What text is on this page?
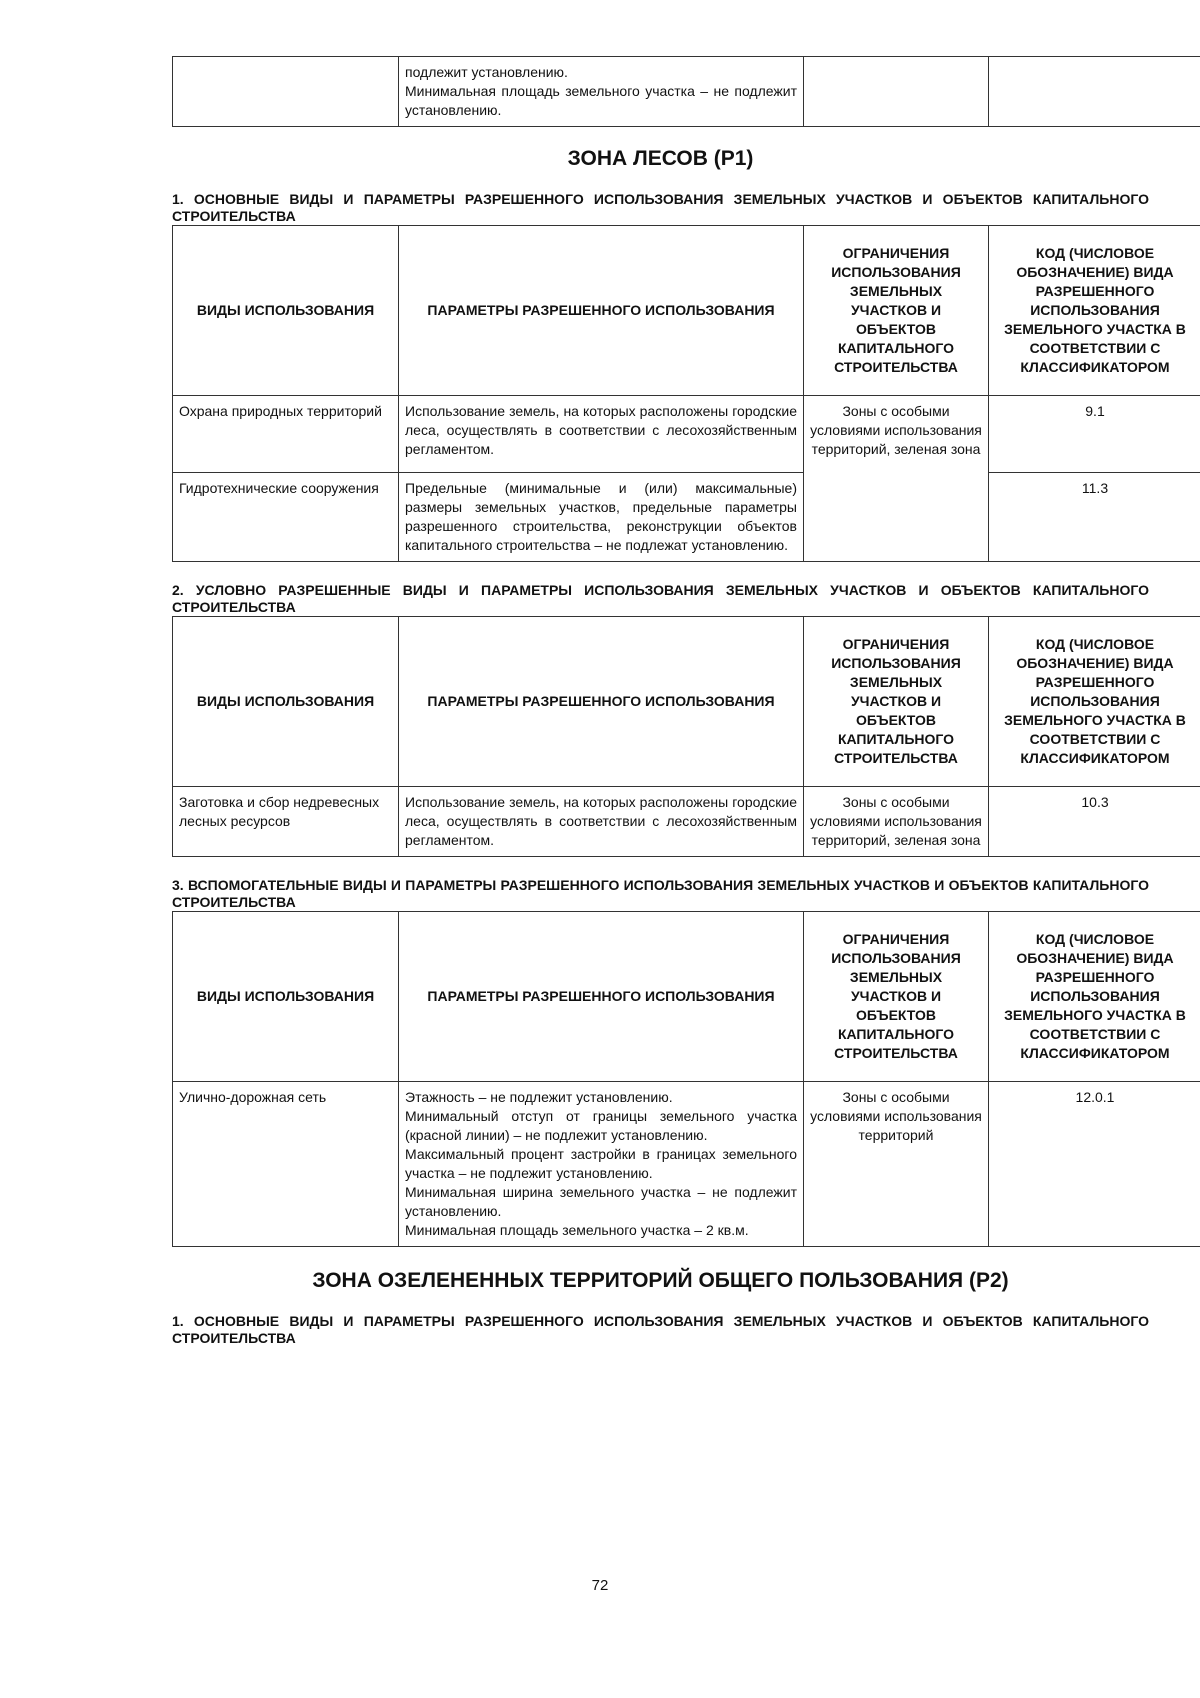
подлежит установлению.
Минимальная площадь земельного участка – не подлежит установлению.

ЗОНА ЛЕСОВ (Р1)

1. ОСНОВНЫЕ ВИДЫ И ПАРАМЕТРЫ РАЗРЕШЕННОГО ИСПОЛЬЗОВАНИЯ ЗЕМЕЛЬНЫХ УЧАСТКОВ И ОБЪЕКТОВ КАПИТАЛЬНОГО СТРОИТЕЛЬСТВА

ВИДЫ ИСПОЛЬЗОВАНИЯ	ПАРАМЕТРЫ РАЗРЕШЕННОГО ИСПОЛЬЗОВАНИЯ	ОГРАНИЧЕНИЯ ИСПОЛЬЗОВАНИЯ ЗЕМЕЛЬНЫХ УЧАСТКОВ И ОБЪЕКТОВ КАПИТАЛЬНОГО СТРОИТЕЛЬСТВА	КОД (ЧИСЛОВОЕ ОБОЗНАЧЕНИЕ) ВИДА РАЗРЕШЕННОГО ИСПОЛЬЗОВАНИЯ ЗЕМЕЛЬНОГО УЧАСТКА В СООТВЕТСТВИИ С КЛАССИФИКАТОРОМ
Охрана природных территорий	Использование земель, на которых расположены городские леса, осуществлять в соответствии с лесохозяйственным регламентом.	Зоны с особыми условиями использования территорий, зеленая зона	9.1
Гидротехнические сооружения	Предельные (минимальные и (или) максимальные) размеры земельных участков, предельные параметры разрешенного строительства, реконструкции объектов капитального строительства – не подлежат установлению.		11.3

2. УСЛОВНО РАЗРЕШЕННЫЕ ВИДЫ И ПАРАМЕТРЫ ИСПОЛЬЗОВАНИЯ ЗЕМЕЛЬНЫХ УЧАСТКОВ И ОБЪЕКТОВ КАПИТАЛЬНОГО СТРОИТЕЛЬСТВА

ВИДЫ ИСПОЛЬЗОВАНИЯ	ПАРАМЕТРЫ РАЗРЕШЕННОГО ИСПОЛЬЗОВАНИЯ	ОГРАНИЧЕНИЯ ИСПОЛЬЗОВАНИЯ ЗЕМЕЛЬНЫХ УЧАСТКОВ И ОБЪЕКТОВ КАПИТАЛЬНОГО СТРОИТЕЛЬСТВА	КОД (ЧИСЛОВОЕ ОБОЗНАЧЕНИЕ) ВИДА РАЗРЕШЕННОГО ИСПОЛЬЗОВАНИЯ ЗЕМЕЛЬНОГО УЧАСТКА В СООТВЕТСТВИИ С КЛАССИФИКАТОРОМ
Заготовка и сбор недревесных лесных ресурсов	Использование земель, на которых расположены городские леса, осуществлять в соответствии с лесохозяйственным регламентом.	Зоны с особыми условиями использования территорий, зеленая зона	10.3

3. ВСПОМОГАТЕЛЬНЫЕ ВИДЫ И ПАРАМЕТРЫ РАЗРЕШЕННОГО ИСПОЛЬЗОВАНИЯ ЗЕМЕЛЬНЫХ УЧАСТКОВ И ОБЪЕКТОВ КАПИТАЛЬНОГО СТРОИТЕЛЬСТВА

ВИДЫ ИСПОЛЬЗОВАНИЯ	ПАРАМЕТРЫ РАЗРЕШЕННОГО ИСПОЛЬЗОВАНИЯ	ОГРАНИЧЕНИЯ ИСПОЛЬЗОВАНИЯ ЗЕМЕЛЬНЫХ УЧАСТКОВ И ОБЪЕКТОВ КАПИТАЛЬНОГО СТРОИТЕЛЬСТВА	КОД (ЧИСЛОВОЕ ОБОЗНАЧЕНИЕ) ВИДА РАЗРЕШЕННОГО ИСПОЛЬЗОВАНИЯ ЗЕМЕЛЬНОГО УЧАСТКА В СООТВЕТСТВИИ С КЛАССИФИКАТОРОМ
Улично-дорожная сеть	Этажность – не подлежит установлению.
Минимальный отступ от границы земельного участка (красной линии) – не подлежит установлению.
Максимальный процент застройки в границах земельного участка – не подлежит установлению.
Минимальная ширина земельного участка – не подлежит установлению.
Минимальная площадь земельного участка – 2 кв.м.	Зоны с особыми условиями использования территорий	12.0.1
ЗОНА ОЗЕЛЕНЕННЫХ ТЕРРИТОРИЙ ОБЩЕГО ПОЛЬЗОВАНИЯ (Р2)

1. ОСНОВНЫЕ ВИДЫ И ПАРАМЕТРЫ РАЗРЕШЕННОГО ИСПОЛЬЗОВАНИЯ ЗЕМЕЛЬНЫХ УЧАСТКОВ И ОБЪЕКТОВ КАПИТАЛЬНОГО СТРОИТЕЛЬСТВА

72
